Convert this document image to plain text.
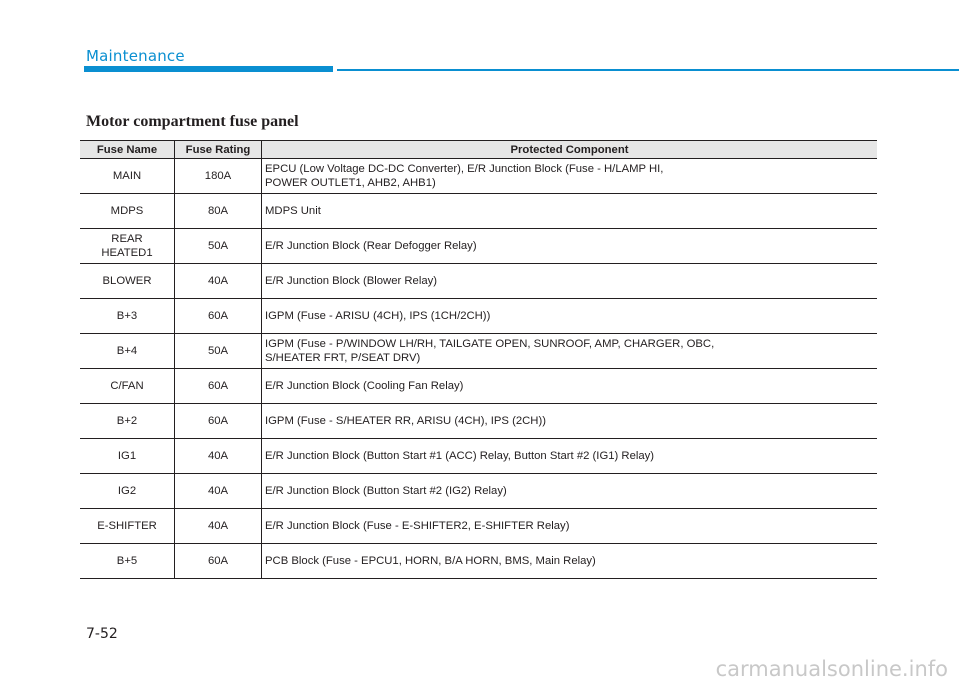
Maintenance
Motor compartment fuse panel
Fuse Name	Fuse Rating	Protected Component
MAIN	180A	EPCU (Low Voltage DC-DC Converter), E/R Junction Block (Fuse - H/LAMP HI,
POWER OUTLET1, AHB2, AHB1)
MDPS	80A	MDPS Unit
REAR
HEATED1	50A	E/R Junction Block (Rear Defogger Relay)
BLOWER	40A	E/R Junction Block (Blower Relay)
B+3	60A	IGPM (Fuse - ARISU (4CH), IPS (1CH/2CH))
B+4	50A	IGPM (Fuse - P/WINDOW LH/RH, TAILGATE OPEN, SUNROOF, AMP, CHARGER, OBC,
S/HEATER FRT, P/SEAT DRV)
C/FAN	60A	E/R Junction Block (Cooling Fan Relay)
B+2	60A	IGPM (Fuse - S/HEATER RR, ARISU (4CH), IPS (2CH))
IG1	40A	E/R Junction Block (Button Start #1 (ACC) Relay, Button Start #2 (IG1) Relay)
IG2	40A	E/R Junction Block (Button Start #2 (IG2) Relay)
E-SHIFTER	40A	E/R Junction Block (Fuse - E-SHIFTER2, E-SHIFTER Relay)
B+5	60A	PCB Block (Fuse - EPCU1, HORN, B/A HORN, BMS, Main Relay)
7-52
carmanualsonline.info
